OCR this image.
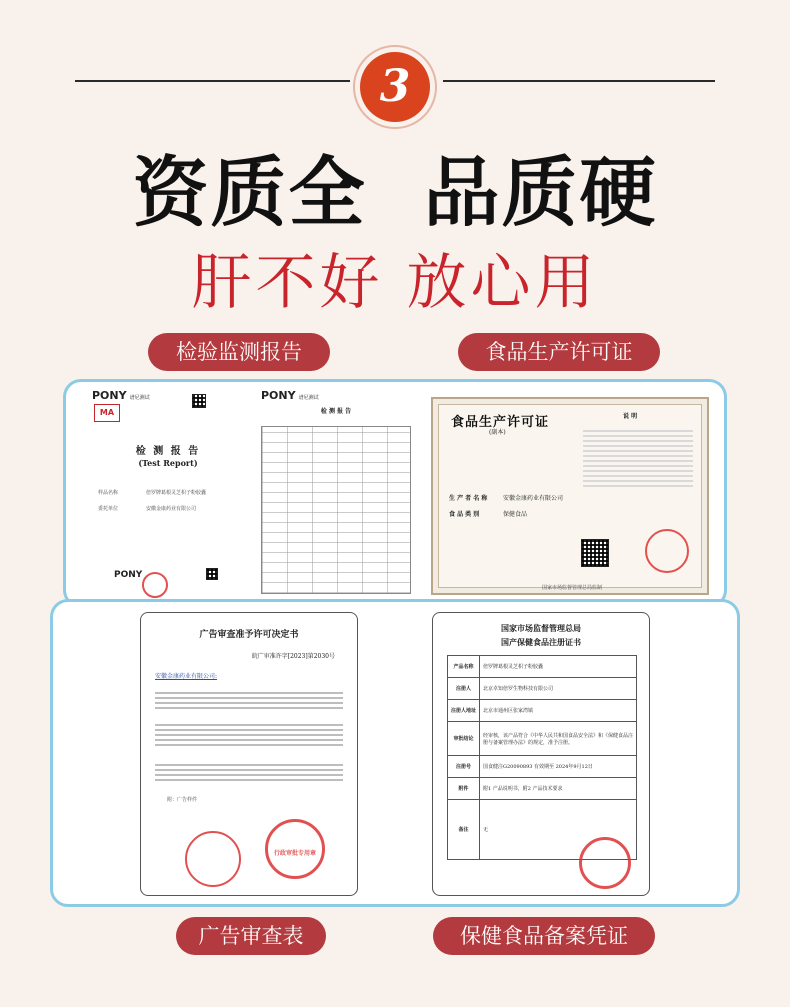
3
资质全  品质硬
肝不好 放心用
检验监测报告	食品生产许可证
PONY 谱尼测试
MA
检 测 报 告
(Test Report)
样品名称	倍罗牌葛根灵芝枳子粉胶囊
委托单位	安徽金康药业有限公司
PONY
PONY 谱尼测试
检 测 报 告
食品生产许可证
(副本)
生 产 者 名 称	安徽金康药业有限公司
食 品 类 别	保健食品
说 明
国家市场监督管理总局监制
广告审查准予许可决定书
皖广审准许字[2023]第2030号
安徽金康药业有限公司:
附：广告样件
行政审批专用章
国家市场监督管理总局
国产保健食品注册证书
产品名称	倍罗牌葛根灵芝枳子粉胶囊
注册人	北京卓知倍罗生物科技有限公司
注册人地址	北京市通州区张家湾镇
审批结论	经审核，该产品符合《中华人民共和国食品安全法》和《保健食品注册与备案管理办法》的规定，准予注册。
注册号	国食健注G20090893 有效期至 2024年9月12日
附件	附1 产品说明书，附2 产品技术要求
备注	无
广告审查表	保健食品备案凭证
